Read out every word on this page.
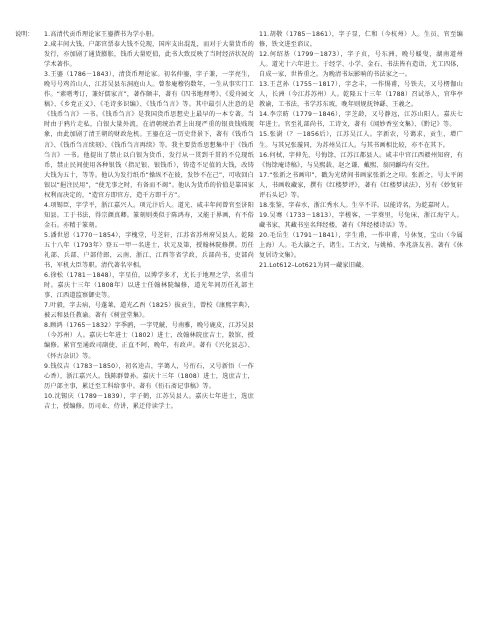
说明： 1.高清代贡币理论家王鎏撰书为学小册。

2.咸丰间大钱、户部官票泰大钱不兑现，国库支出混乱，而对于大量货币的发行，亦加剧了通货膨胀，钱币大量贬值，此书大致反映了当时经济状况的学术著作。

3.王鎏（1786－1843），清货币理论家。初名仲鎏，字子兼，一字亮生，晚号号鸡首山人，江苏吴县东洞庭山人。曾参庵穆钧数年，一生从事实门工作。“素嗜考订，兼好儒家言”，著作颇丰，著有《四书地理考》、《爱舟园文稿》、《乡党正义》、《毛诗多识编》、《钱币刍言》等。其中最引人注意的是《钱币刍言》一书。《钱币刍言》是我国货币思想史上最早的一本专著。当时由于鸦片走私，白银大量外流，在清朝统治者上出现严重的银贵钱贱现象，由此加剧了清王朝的财政危机。王鎏在这一历史背景下，著有《钱币刍言》、《钱币刍言续刻》、《钱币刍言再续》等。我主要货币思想集中于《钱币刍言》一书。他提出了禁止以白银为货币，发行从一贯到千贯的不兑现纸币，禁止民间使用各种银钱（指足银、银钱币），铸造不足值的大钱，改铸大钱为五十，等等。他认为发行纸币“操纵不在彼，发钞不在己”，可收回白银以“挹注民用”，“使无事之时，有备而不竭”。他认为货币的价值是靠国家权利而决定的，“造官方即官方，造千方即千方”。

4.项锡臣，字学平，浙江嘉兴人。项元汴后人。道光、咸丰年间曾官至济阳知县。工于书法，得宗颜真卿。篆刻则类似于陈鸿寿，又能于界画，有不俗金石。亦精于篆刻。

5.潘世恩（1770－1854），字槐堂，号芝轩，江苏省苏州府吴县人。乾隆五十八年（1793年）登五一甲一名进士，状元及第，授翰林院修撰。历任礼部、兵部、户部侍郎，云南、浙江、江西等省学政，兵部尚书，吏部尚书，军机大臣等职。清代著名宰相。

6.徐松（1781－1848），字星伯，以博学多才，尤长于地理之学，名重当时。嘉庆十三年（1808年）以进士任翰林院编修，道光年间历任礼部主事、江西道监察御史等。

7.叶毅，字去病，号蓬莱，道光乙酉（1825）拔贡生，曾校《康熙字典》，被云和县任教谕。著有《树萱堂集》。

8.顾鸿（1765－1832）字季鸥，一字兕觥，号南雅，晚号鹿皮，江苏吴县（今苏州）人。嘉庆七年进士（1802）进士，改翰林院庶吉士，散馆，授编修。累官至通政司副使，正直不阿，晚年，有政声。著有《兴化县志》、《怀古杂识》等。

9.钱仪吉（1783－1850），初名逵吉，字蔼人，号衎石，又号新悟（一作心香），浙江嘉兴人。钱陈群曾孙。嘉庆十三年（1808）进士，选庶吉士，历户部主事，累迁至工科给事中。著有《衎石斋记事稿》等。

10.沈锡庆（1789－1839），字子鹤，江苏吴县人。嘉庆七年进士，选庶吉士，授编修。历司业、侍讲，累迁侍读学士。

11.胡敬（1785－1861），字子显，仁和（今杭州）人。生员，官至编修，铁文进至谘议。

12.何绍基（1799－1873），字子贞，号东洲，晚号蝯叟，湖南道州人。道光十六年进士。于经学、小学、金石、书法皆有造诣，尤工四体，自成一家，世皆重之。为晚清书坛影响的书法家之一。

13.王芑孙（1755－1817），字念丰，一作惕甫，号铁夫，又号楞伽山人，长洲（今江苏苏州）人。乾隆五十三年（1788）召试举人，官华亭教谕，工书法，书学苏东坡，晚年则规抚钟繇、王羲之。

14.李宗昉（1779－1846），字芝龄，又号静远，江苏山阳人。嘉庆七年进士。官至礼部尚书，工诗文，著有《闻妙香室文集》、《黔记》等。

15.张澍（？－1856后），江苏吴江人。字新农，号蔼求，贡生，增广生。与其兄张璇同，为苏州吴江人。与其书画相比较，亦不在其下。

16.何栻，字伸先，号悔馀，江苏江都县人。咸丰中官江西赣州知府，有《悔馀庵诗稿》，与吴熙载、赵之谦、戴熙、翁同龢均有交往。

17.“张新之书画印”，戳为光绪间书画家张新之之印。张新之，号太平闲人，书画收藏家，撰有《红楼梦评》，著有《红楼梦读法》，另有《妙复轩评石头记》等。

18.张鉴，字春水，浙江秀水人。生卒不详。以能诗名，为乾嘉时人。

19.吴骞（1733－1813），字槎客，一字葵里，号兔床，浙江海宁人。藏书家，其藏书室名拜经楼，著有《拜经楼诗话》等。

20.毛岳生（1791－1841），字生甫，一作申甫，号休复，宝山（今属上海）人。毛大瀛之子，诸生。工古文，与姚椿、李兆洛友善。著有《休复居诗文集》。

21.Lot612–Lot621为同一藏家旧藏。
